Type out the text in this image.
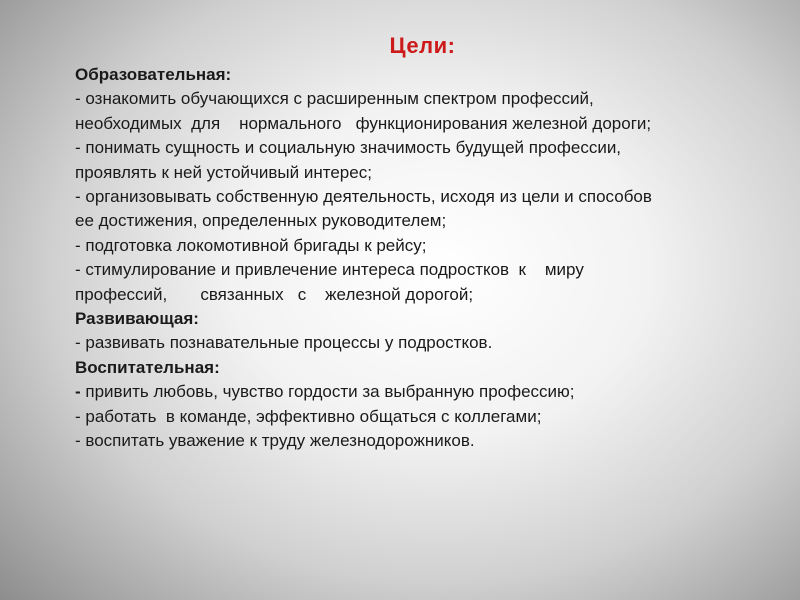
Цели:
Образовательная:
- ознакомить обучающихся с расширенным спектром профессий,
необходимых  для    нормального   функционирования железной дороги;
- понимать сущность и социальную значимость будущей профессии,
проявлять к ней устойчивый интерес;
- организовывать собственную деятельность, исходя из цели и способов
ее достижения, определенных руководителем;
- подготовка локомотивной бригады к рейсу;
- стимулирование и привлечение интереса подростков  к    миру
профессий,       связанных   с    железной дорогой;
Развивающая:
- развивать познавательные процессы у подростков.
Воспитательная:
- привить любовь, чувство гордости за выбранную профессию;
- работать  в команде, эффективно общаться с коллегами;
- воспитать уважение к труду железнодорожников.
